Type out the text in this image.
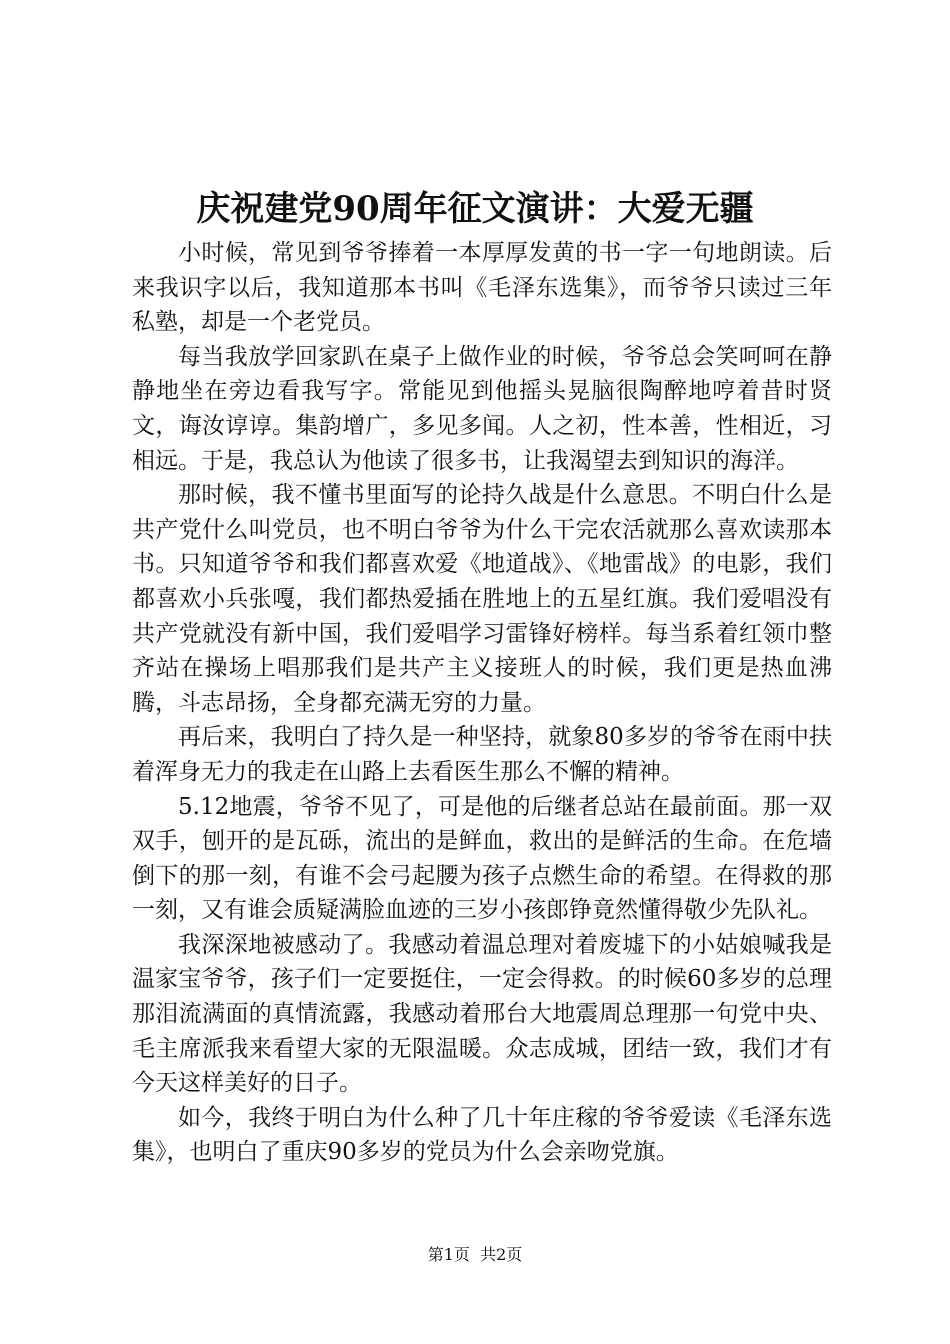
庆祝建党90周年征文演讲：大爱无疆

小时候，常见到爷爷捧着一本厚厚发黄的书一字一句地朗读。后来我识字以后，我知道那本书叫《毛泽东选集》，而爷爷只读过三年私塾，却是一个老党员。

每当我放学回家趴在桌子上做作业的时候，爷爷总会笑呵呵在静静地坐在旁边看我写字。常能见到他摇头晃脑很陶醉地哼着昔时贤文，诲汝谆谆。集韵增广，多见多闻。人之初，性本善，性相近，习相远。于是，我总认为他读了很多书，让我渴望去到知识的海洋。

那时候，我不懂书里面写的论持久战是什么意思。不明白什么是共产党什么叫党员，也不明白爷爷为什么干完农活就那么喜欢读那本书。只知道爷爷和我们都喜欢爱《地道战》、《地雷战》的电影，我们都喜欢小兵张嘎，我们都热爱插在胜地上的五星红旗。我们爱唱没有共产党就没有新中国，我们爱唱学习雷锋好榜样。每当系着红领巾整齐站在操场上唱那我们是共产主义接班人的时候，我们更是热血沸腾，斗志昂扬，全身都充满无穷的力量。

再后来，我明白了持久是一种坚持，就象80多岁的爷爷在雨中扶着浑身无力的我走在山路上去看医生那么不懈的精神。

5.12地震，爷爷不见了，可是他的后继者总站在最前面。那一双双手，刨开的是瓦砾，流出的是鲜血，救出的是鲜活的生命。在危墙倒下的那一刻，有谁不会弓起腰为孩子点燃生命的希望。在得救的那一刻，又有谁会质疑满脸血迹的三岁小孩郎铮竟然懂得敬少先队礼。

我深深地被感动了。我感动着温总理对着废墟下的小姑娘喊我是温家宝爷爷，孩子们一定要挺住，一定会得救。的时候60多岁的总理那泪流满面的真情流露，我感动着邢台大地震周总理那一句党中央、毛主席派我来看望大家的无限温暖。众志成城，团结一致，我们才有今天这样美好的日子。

如今，我终于明白为什么种了几十年庄稼的爷爷爱读《毛泽东选集》，也明白了重庆90多岁的党员为什么会亲吻党旗。

第1页 共2页
